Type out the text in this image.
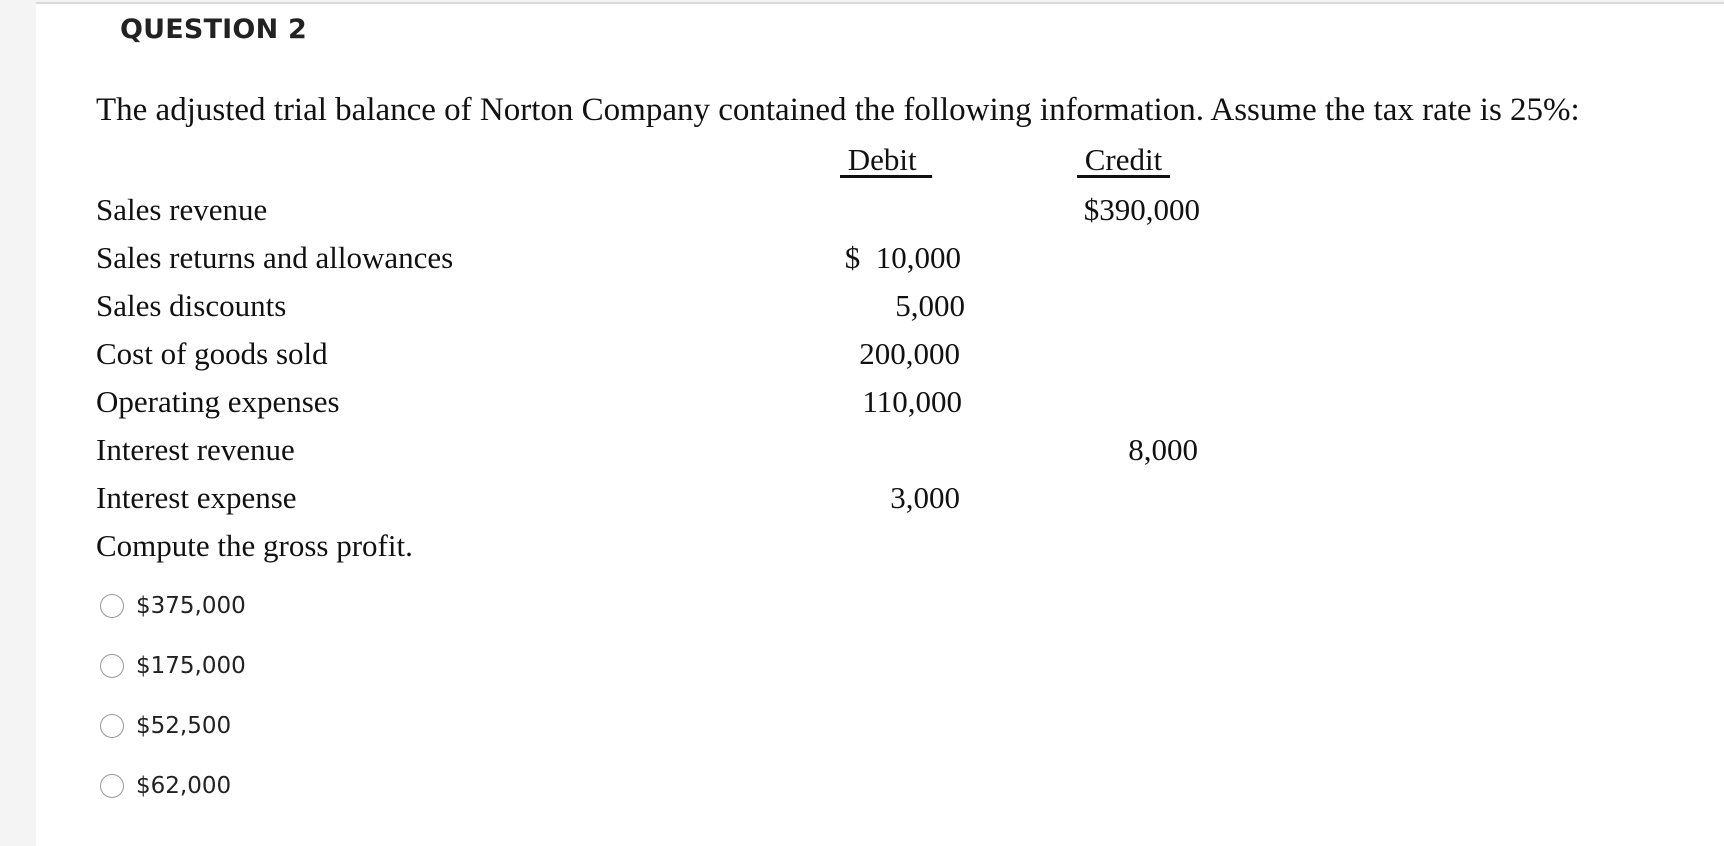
QUESTION 2
The adjusted trial balance of Norton Company contained the following information. Assume the tax rate is 25%:
Debit	Credit
Sales revenue
Sales returns and allowances
Sales discounts
Cost of goods sold
Operating expenses
Interest revenue
Interest expense
$390,000
8,000
$  10,000
5,000
200,000
110,000
3,000
Compute the gross profit.
$375,000
$175,000
$52,500
$62,000
